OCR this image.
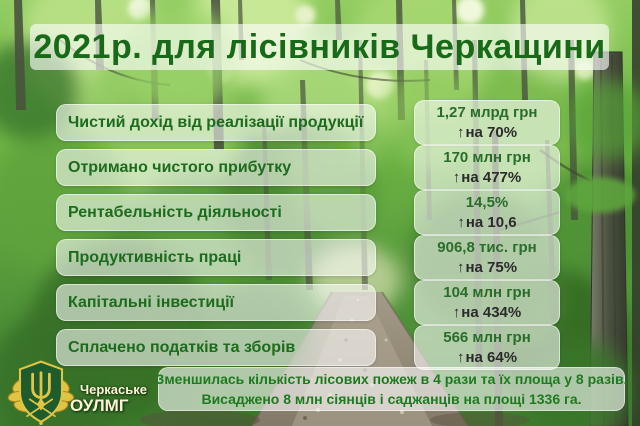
2021р. для лісівників Черкащини
Чистий дохід від реалізації продукції
1,27 млрд грн
↑на 70%
Отримано чистого прибутку
170 млн грн
↑на 477%
Рентабельність діяльності
14,5%
↑на 10,6
Продуктивність праці
906,8 тис. грн
↑на 75%
Капітальні інвестиції
104 млн грн
↑на 434%
Сплачено податків та зборів
566 млн грн
↑на 64%
Зменшилась кількість лісових пожеж в 4 рази та їх площа у 8 разів.
Висаджено 8 млн сіянців і саджанців на площі 1336 га.
Черкаське
ОУЛМГ
